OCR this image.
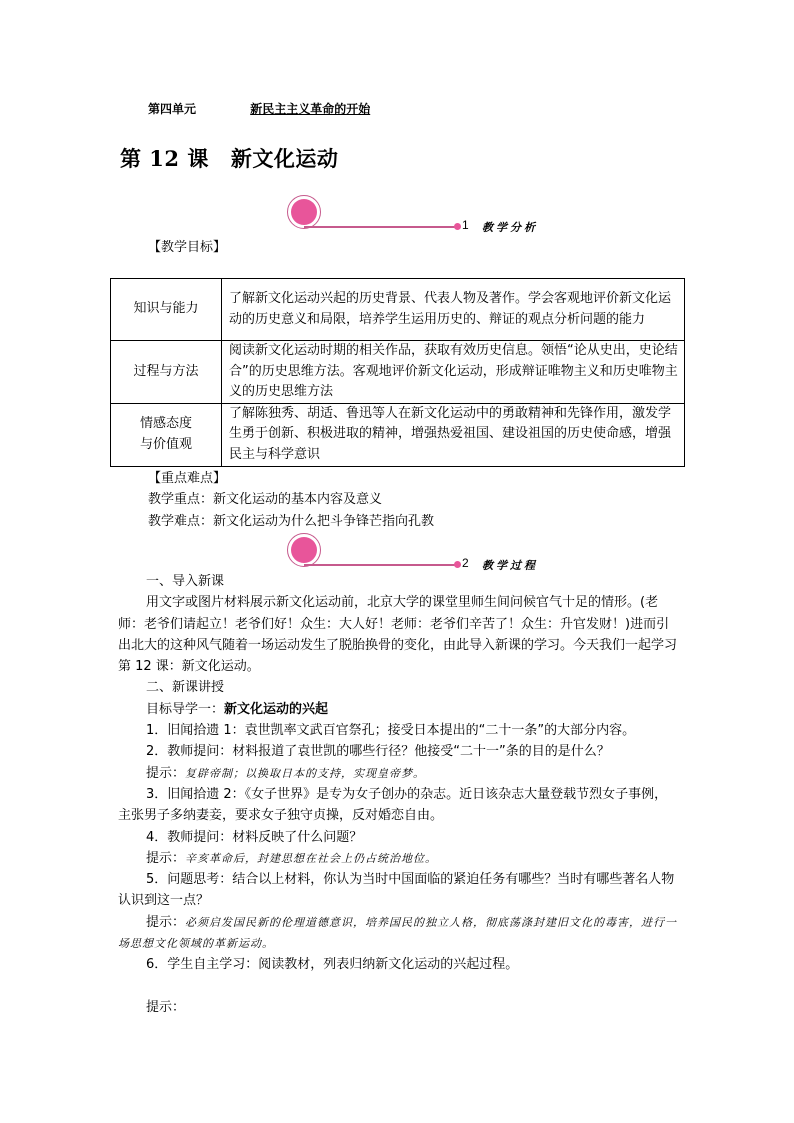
第四单元	新民主主义革命的开始
第 12 课 新文化运动
1 教学分析
【教学目标】
知识与能力	了解新文化运动兴起的历史背景、代表人物及著作。学会客观地评价新文化运动的历史意义和局限，培养学生运用历史的、辩证的观点分析问题的能力
过程与方法	阅读新文化运动时期的相关作品，获取有效历史信息。领悟“论从史出，史论结合”的历史思维方法。客观地评价新文化运动，形成辩证唯物主义和历史唯物主义的历史思维方法
情感态度
与价值观	了解陈独秀、胡适、鲁迅等人在新文化运动中的勇敢精神和先锋作用，激发学生勇于创新、积极进取的精神，增强热爱祖国、建设祖国的历史使命感，增强民主与科学意识
【重点难点】
教学重点：新文化运动的基本内容及意义
教学难点：新文化运动为什么把斗争锋芒指向孔教
2 教学过程

一、导入新课

用文字或图片材料展示新文化运动前，北京大学的课堂里师生间问候官气十足的情形。(老师：老爷们请起立！老爷们好！众生：大人好！老师：老爷们辛苦了！众生：升官发财！)进而引出北大的这种风气随着一场运动发生了脱胎换骨的变化，由此导入新课的学习。今天我们一起学习第 12 课：新文化运动。

二、新课讲授

目标导学一：新文化运动的兴起

1．旧闻拾遗 1：袁世凯率文武百官祭孔；接受日本提出的“二十一条”的大部分内容。

2．教师提问：材料报道了袁世凯的哪些行径？他接受“二十一”条的目的是什么？

提示：复辟帝制；以换取日本的支持，实现皇帝梦。

3．旧闻拾遗 2：《女子世界》是专为女子创办的杂志。近日该杂志大量登载节烈女子事例，主张男子多纳妻妾，要求女子独守贞操，反对婚恋自由。

4．教师提问：材料反映了什么问题？

提示：辛亥革命后，封建思想在社会上仍占统治地位。

5．问题思考：结合以上材料，你认为当时中国面临的紧迫任务有哪些？当时有哪些著名人物认识到这一点？

提示：必须启发国民新的伦理道德意识，培养国民的独立人格，彻底荡涤封建旧文化的毒害，进行一场思想文化领域的革新运动。

6．学生自主学习：阅读教材，列表归纳新文化运动的兴起过程。

提示：
